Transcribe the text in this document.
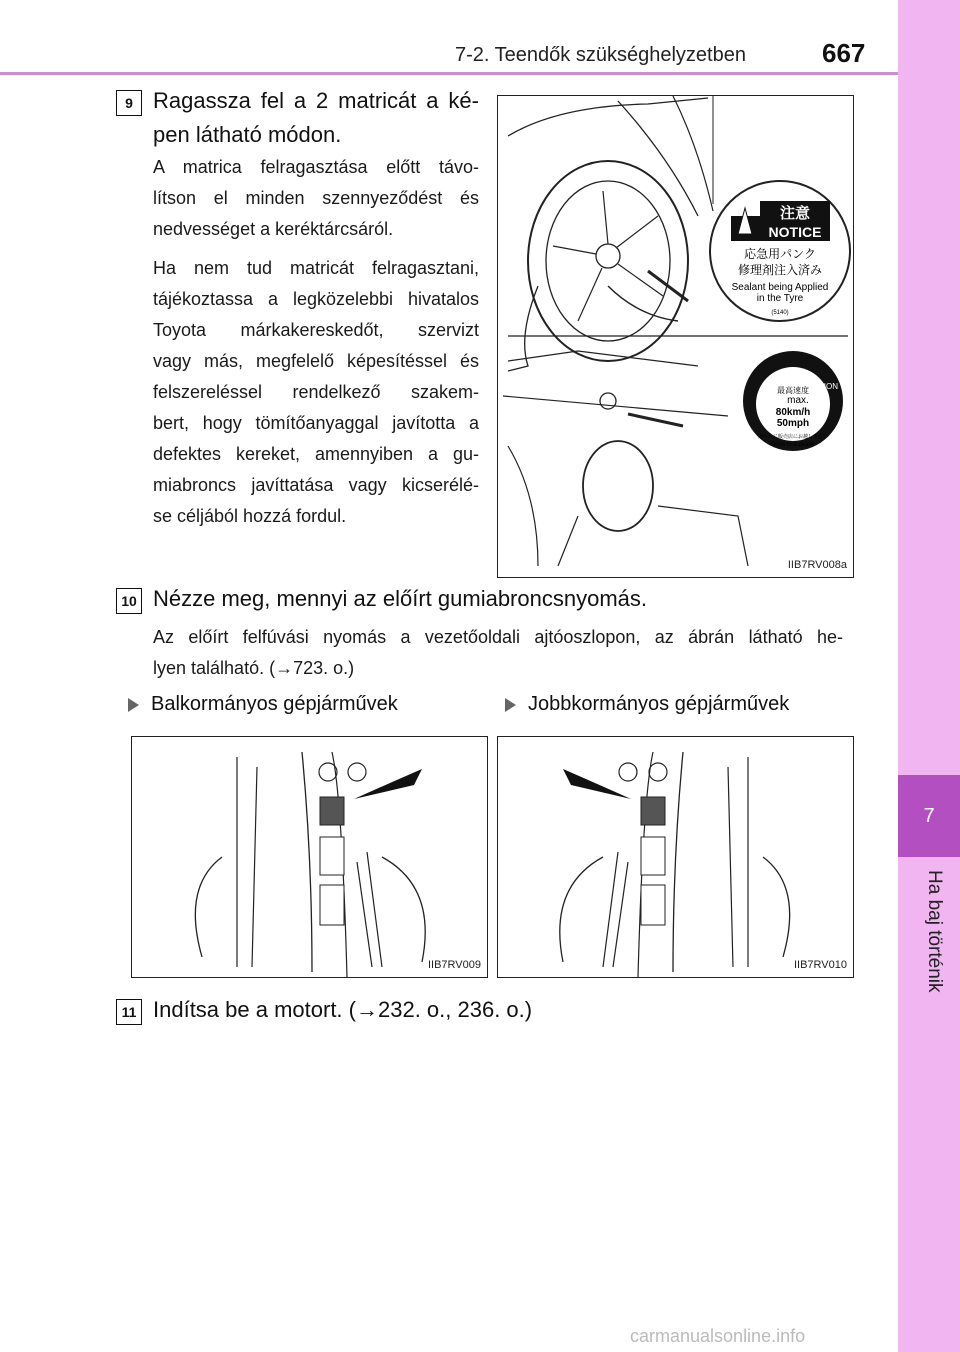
7-2. Teendők szükséghelyzetben	667
7
Ha baj történik
9 Ragassza fel a 2 matricát a ké-
pen látható módon.
A matrica felragasztása előtt távo-
lítson el minden szennyeződést és
nedvességet a keréktárcsáról.
Ha nem tud matricát felragasztani,
tájékoztassa a legközelebbi hivatalos
Toyota márkakereskedőt, szervizt
vagy más, megfelelő képesítéssel és
felszereléssel rendelkező szakem-
bert, hogy tömítőanyaggal javította a
defektes kereket, amennyiben a gu-
miabroncs javíttatása vagy kicserélé-
se céljából hozzá fordul.
注意
NOTICE
応急用パンク
修理剤注入済み
Sealant being Applied
in the Tyre
(5140)
警告
CAUTION
最高速度
max.
80km/h
50mph
速やかに販売店にお越し下さい
Drive to a dealer
IIB7RV008a
10 Nézze meg, mennyi az előírt gumiabroncsnyomás.
Az előírt felfúvási nyomás a vezetőoldali ajtóoszlopon, az ábrán látható he-
lyen található. (→723. o.)
Balkormányos gépjárművek	Jobbkormányos gépjárművek
IIB7RV009	IIB7RV010
11 Indítsa be a motort. (→232. o., 236. o.)
carmanualsonline.info
